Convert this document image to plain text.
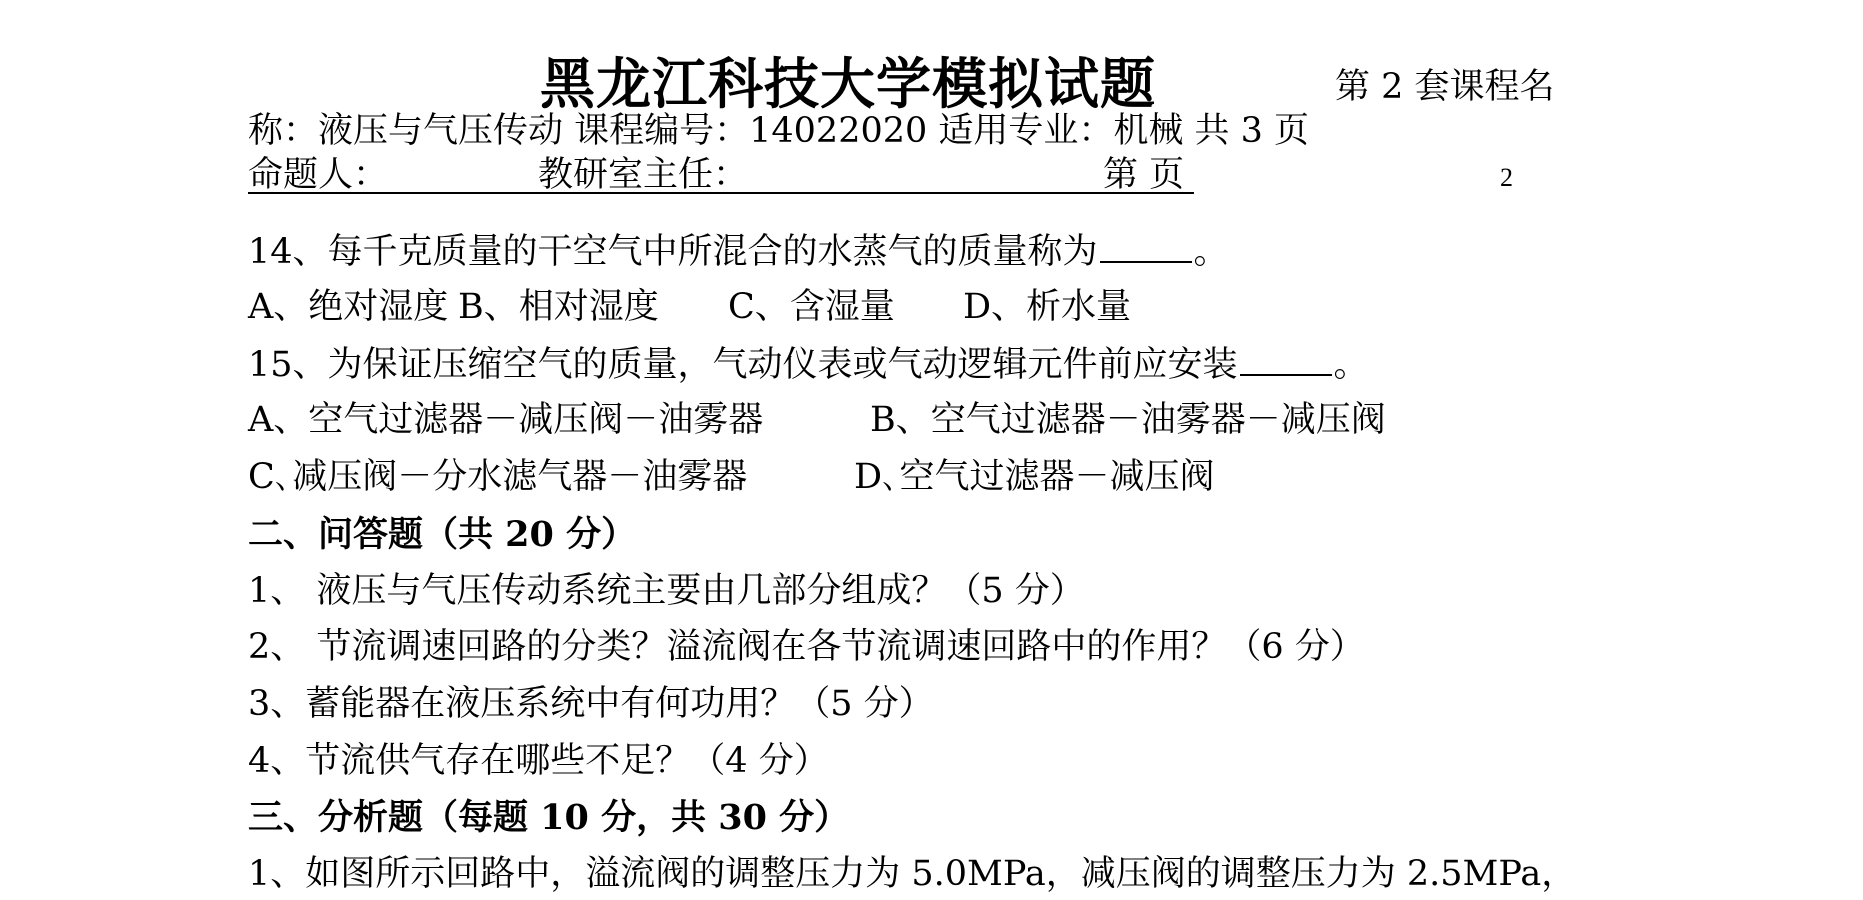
黑龙江科技大学模拟试题	第 2 套课程名
称：液压与气压传动 课程编号：14022020 适用专业：机械 共 3 页
命题人：	教研室主任：	第 页	2
14、每千克质量的干空气中所混合的水蒸气的质量称为	。
A、绝对湿度 B、相对湿度 C、含湿量 D、析水量
15、为保证压缩空气的质量，气动仪表或气动逻辑元件前应安装	。
A、空气过滤器－减压阀－油雾器	B、空气过滤器－油雾器－减压阀
C､减压阀－分水滤气器－油雾器	D､空气过滤器－减压阀
二、问答题（共 20 分）
1、 液压与气压传动系统主要由几部分组成？（5 分）
2、 节流调速回路的分类？溢流阀在各节流调速回路中的作用？（6 分）
3、蓄能器在液压系统中有何功用？（5 分）
4、节流供气存在哪些不足？（4 分）
三、分析题（每题 10 分，共 30 分）
1、如图所示回路中，溢流阀的调整压力为 5.0MPa，减压阀的调整压力为 2.5MPa，
